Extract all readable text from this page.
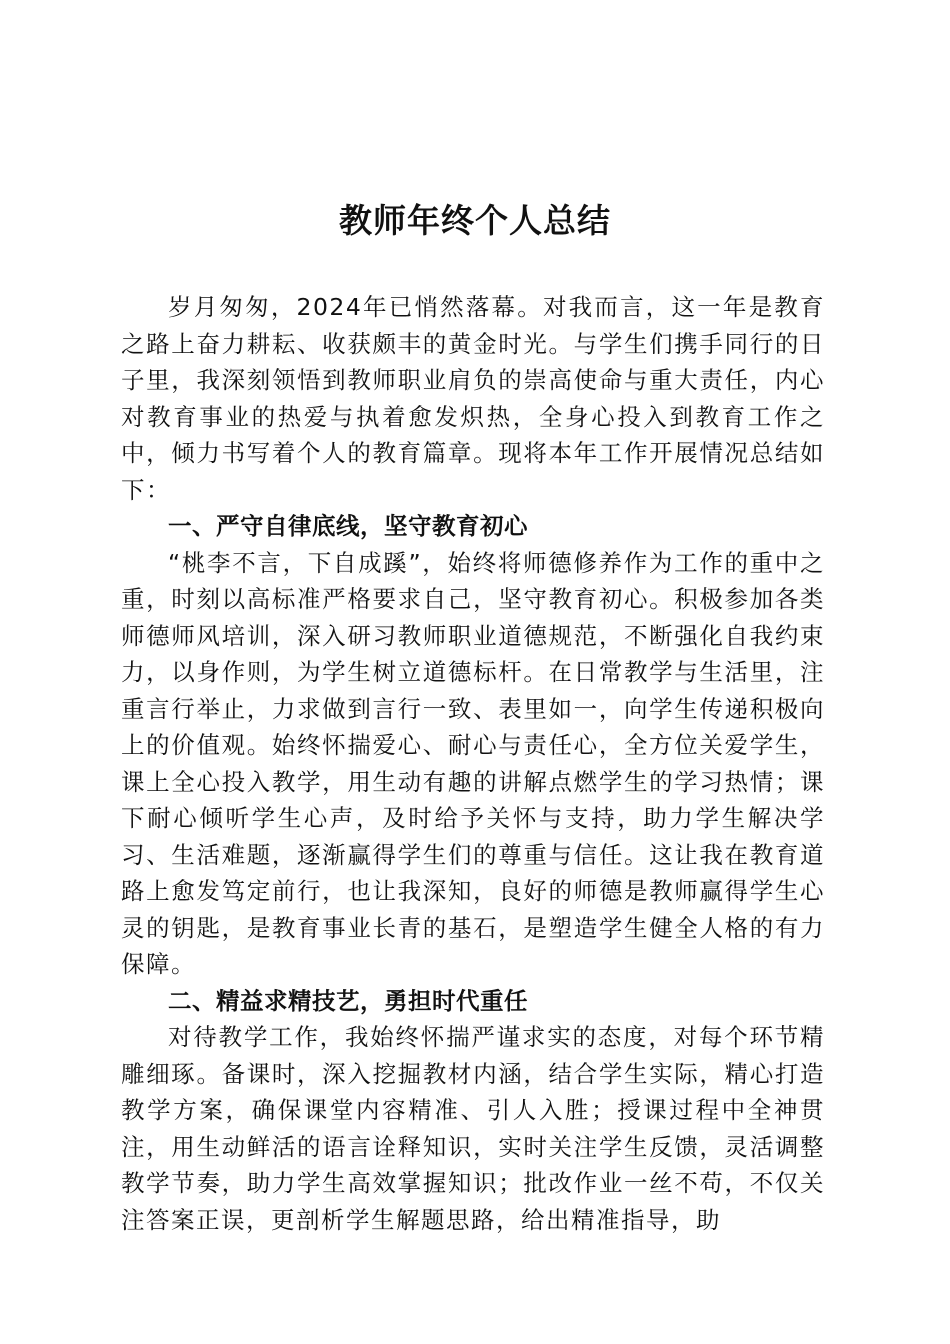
教师年终个人总结

岁月匆匆，2024年已悄然落幕。对我而言，这一年是教育之路上奋力耕耘、收获颇丰的黄金时光。与学生们携手同行的日子里，我深刻领悟到教师职业肩负的崇高使命与重大责任，内心对教育事业的热爱与执着愈发炽热，全身心投入到教育工作之中，倾力书写着个人的教育篇章。现将本年工作开展情况总结如下：

一、严守自律底线，坚守教育初心

“桃李不言，下自成蹊”，始终将师德修养作为工作的重中之重，时刻以高标准严格要求自己，坚守教育初心。积极参加各类师德师风培训，深入研习教师职业道德规范，不断强化自我约束力，以身作则，为学生树立道德标杆。在日常教学与生活里，注重言行举止，力求做到言行一致、表里如一，向学生传递积极向上的价值观。始终怀揣爱心、耐心与责任心，全方位关爱学生，课上全心投入教学，用生动有趣的讲解点燃学生的学习热情；课下耐心倾听学生心声，及时给予关怀与支持，助力学生解决学习、生活难题，逐渐赢得学生们的尊重与信任。这让我在教育道路上愈发笃定前行，也让我深知，良好的师德是教师赢得学生心灵的钥匙，是教育事业长青的基石，是塑造学生健全人格的有力保障。

二、精益求精技艺，勇担时代重任

对待教学工作，我始终怀揣严谨求实的态度，对每个环节精雕细琢。备课时，深入挖掘教材内涵，结合学生实际，精心打造教学方案，确保课堂内容精准、引人入胜；授课过程中全神贯注，用生动鲜活的语言诠释知识，实时关注学生反馈，灵活调整教学节奏，助力学生高效掌握知识；批改作业一丝不苟，不仅关注答案正误，更剖析学生解题思路，给出精准指导，助
